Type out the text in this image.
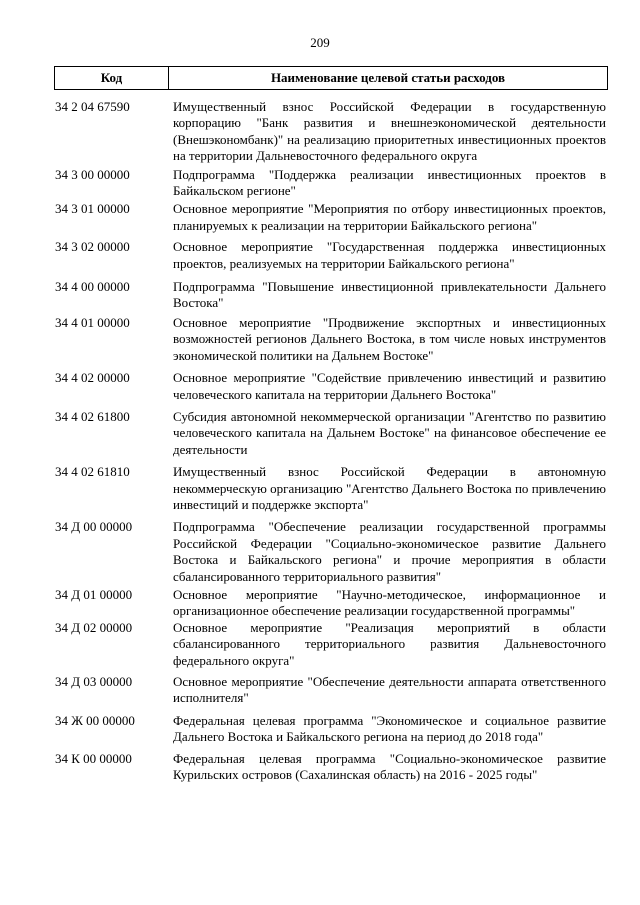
209
Код	Наименование целевой статьи расходов
34 2 04 67590	Имущественный взнос Российской Федерации в государственную корпорацию "Банк развития и внешнеэкономической деятельности (Внешэкономбанк)" на реализацию приоритетных инвестиционных проектов на территории Дальневосточного федерального округа
34 3 00 00000	Подпрограмма "Поддержка реализации инвестиционных проектов в Байкальском регионе"
34 3 01 00000	Основное мероприятие "Мероприятия по отбору инвестиционных проектов, планируемых к реализации на территории Байкальского региона"
34 3 02 00000	Основное мероприятие "Государственная поддержка инвестиционных проектов, реализуемых на территории Байкальского региона"
34 4 00 00000	Подпрограмма "Повышение инвестиционной привлекательности Дальнего Востока"
34 4 01 00000	Основное мероприятие "Продвижение экспортных и инвестиционных возможностей регионов Дальнего Востока, в том числе новых инструментов экономической политики на Дальнем Востоке"
34 4 02 00000	Основное мероприятие "Содействие привлечению инвестиций и развитию человеческого капитала на территории Дальнего Востока"
34 4 02 61800	Субсидия автономной некоммерческой организации "Агентство по развитию человеческого капитала на Дальнем Востоке" на финансовое обеспечение ее деятельности
34 4 02 61810	Имущественный взнос Российской Федерации в автономную некоммерческую организацию "Агентство Дальнего Востока по привлечению инвестиций и поддержке экспорта"
34 Д 00 00000	Подпрограмма "Обеспечение реализации государственной программы Российской Федерации "Социально-экономическое развитие Дальнего Востока и Байкальского региона" и прочие мероприятия в области сбалансированного территориального развития"
34 Д 01 00000	Основное мероприятие "Научно-методическое, информационное и организационное обеспечение реализации государственной программы"
34 Д 02 00000	Основное мероприятие "Реализация мероприятий в области сбалансированного территориального развития Дальневосточного федерального округа"
34 Д 03 00000	Основное мероприятие "Обеспечение деятельности аппарата ответственного исполнителя"
34 Ж 00 00000	Федеральная целевая программа "Экономическое и социальное развитие Дальнего Востока и Байкальского региона на период до 2018 года"
34 К 00 00000	Федеральная целевая программа "Социально-экономическое развитие Курильских островов (Сахалинская область) на 2016 - 2025 годы"
